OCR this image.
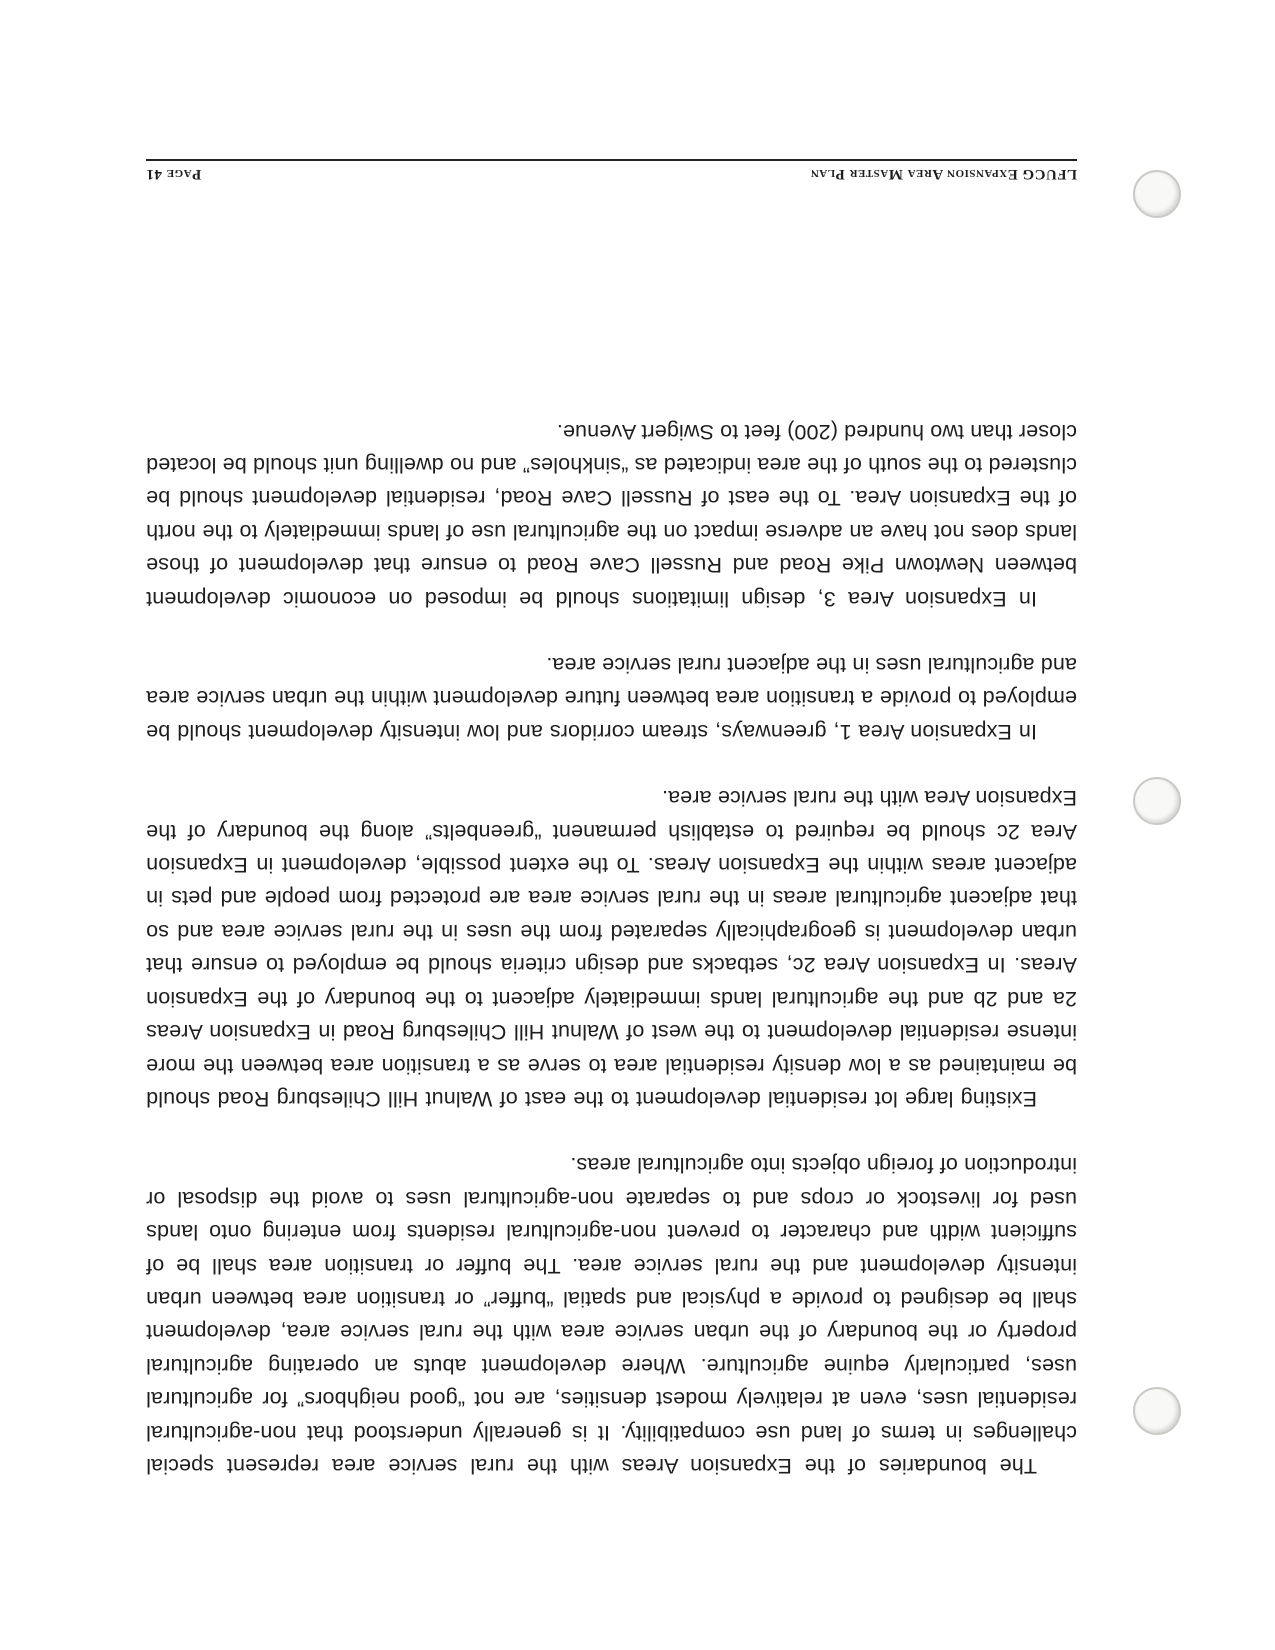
LFUCG Expansion Area Master Plan
Page 41

The boundaries of the Expansion Areas with the rural service area represent special challenges in terms of land use compatibility. It is generally understood that non-agricultural residential uses, even at relatively modest densities, are not “good neighbors” for agricultural uses, particularly equine agriculture. Where development abuts an operating agricultural property or the boundary of the urban service area with the rural service area, development shall be designed to provide a physical and spatial “buffer” or transition area between urban intensity development and the rural service area. The buffer or transition area shall be of sufficient width and character to prevent non-agricultural residents from entering onto lands used for livestock or crops and to separate non-agricultural uses to avoid the disposal or introduction of foreign objects into agricultural areas.

Existing large lot residential development to the east of Walnut Hill Chilesburg Road should be maintained as a low density residential area to serve as a transition area between the more intense residential development to the west of Walnut Hill Chilesburg Road in Expansion Areas 2a and 2b and the agricultural lands immediately adjacent to the boundary of the Expansion Areas. In Expansion Area 2c, setbacks and design criteria should be employed to ensure that urban development is geographically separated from the uses in the rural service area and so that adjacent agricultural areas in the rural service area are protected from people and pets in adjacent areas within the Expansion Areas. To the extent possible, development in Expansion Area 2c should be required to establish permanent “greenbelts” along the boundary of the Expansion Area with the rural service area.

In Expansion Area 1, greenways, stream corridors and low intensity development should be employed to provide a transition area between future development within the urban service area and agricultural uses in the adjacent rural service area.

In Expansion Area 3, design limitations should be imposed on economic development between Newtown Pike Road and Russell Cave Road to ensure that development of those lands does not have an adverse impact on the agricultural use of lands immediately to the north of the Expansion Area. To the east of Russell Cave Road, residential development should be clustered to the south of the area indicated as “sinkholes” and no dwelling unit should be located closer than two hundred (200) feet to Swigert Avenue.
